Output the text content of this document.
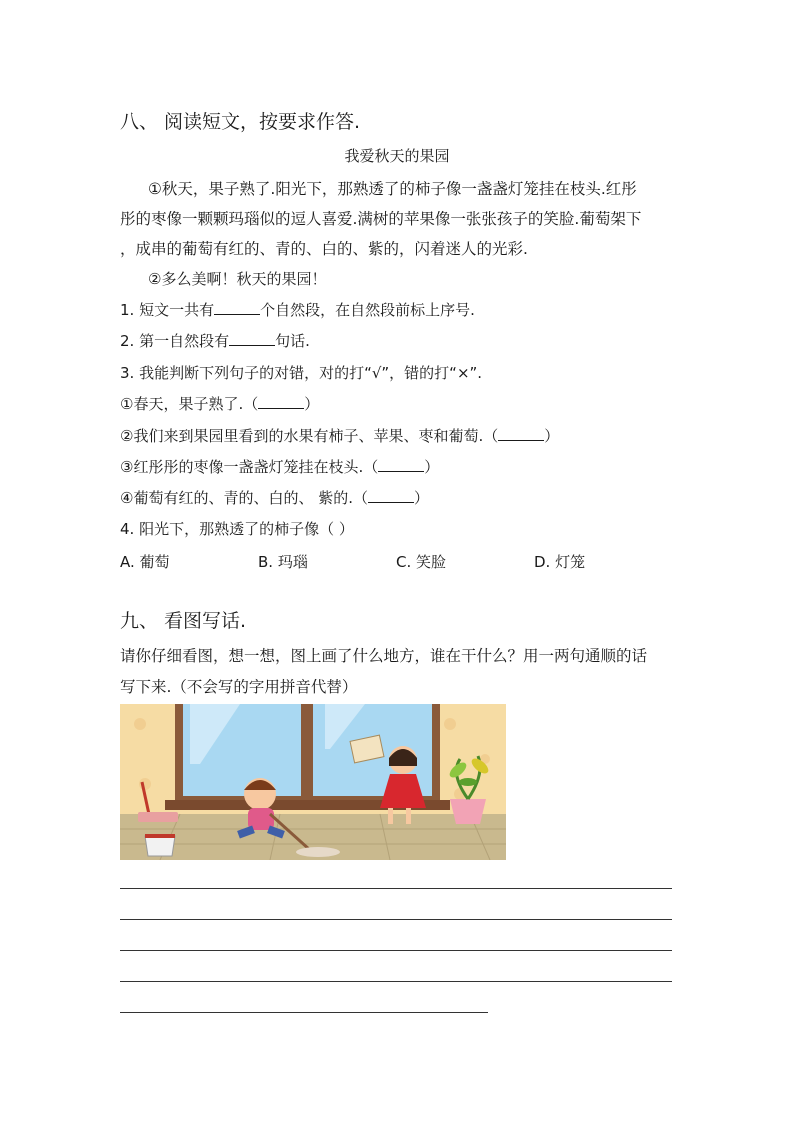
八、 阅读短文，按要求作答.
我爱秋天的果园
①秋天，果子熟了.阳光下，那熟透了的柿子像一盏盏灯笼挂在枝头.红彤
彤的枣像一颗颗玛瑙似的逗人喜爱.满树的苹果像一张张孩子的笑脸.葡萄架下
，成串的葡萄有红的、青的、白的、紫的，闪着迷人的光彩.
②多么美啊！秋天的果园！
1. 短文一共有	个自然段，在自然段前标上序号.
2. 第一自然段有	句话.
3. 我能判断下列句子的对错，对的打“√”，错的打“×”.
①春天，果子熟了.（	）
②我们来到果园里看到的水果有柿子、苹果、枣和葡萄.（	）
③红彤彤的枣像一盏盏灯笼挂在枝头.（	）
④葡萄有红的、青的、白的、 紫的.（	）
4. 阳光下，那熟透了的柿子像（ ）
A. 葡萄	B. 玛瑙	C. 笑脸	D. 灯笼
九、 看图写话.
请你仔细看图，想一想，图上画了什么地方，谁在干什么？用一两句通顺的话
写下来.（不会写的字用拼音代替）
